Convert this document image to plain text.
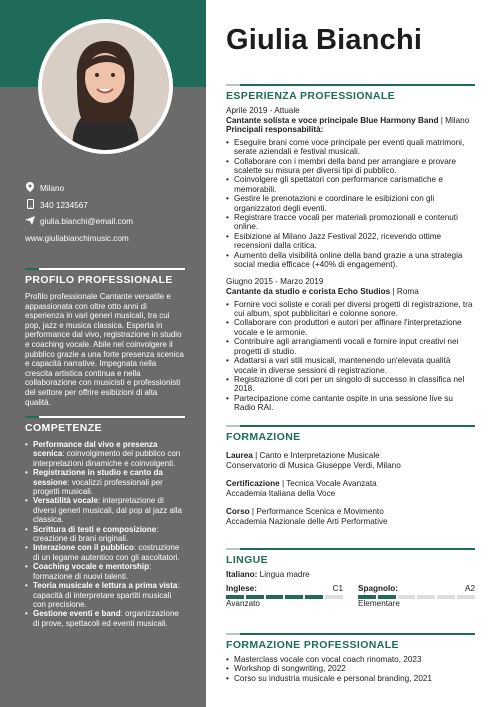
Milano
340 1234567
giulia.bianchi@email.com
www.giuliabianchimusic.com
PROFILO PROFESSIONALE
Profilo professionale Cantante versatile e appassionata con oltre otto anni di esperienza in vari generi musicali, tra cui pop, jazz e musica classica. Esperta in performance dal vivo, registrazione in studio e coaching vocale. Abile nel coinvolgere il pubblico grazie a una forte presenza scenica e capacità narrative. Impegnata nella crescita artistica continua e nella collaborazione con musicisti e professionisti del settore per offrire esibizioni di alta qualità.
COMPETENZE
• Performance dal vivo e presenza scenica: coinvolgimento del pubblico con interpretazioni dinamiche e coinvolgenti.
• Registrazione in studio e canto da sessione: vocalizzi professionali per progetti musicali.
• Versatilità vocale: interpretazione di diversi generi musicali, dal pop al jazz alla classica.
• Scrittura di testi e composizione: creazione di brani originali.
• Interazione con il pubblico: costruzione di un legame autentico con gli ascoltatori.
• Coaching vocale e mentorship: formazione di nuovi talenti.
• Teoria musicale e lettura a prima vista: capacità di interpretare spartiti musicali con precisione.
• Gestione eventi e band: organizzazione di prove, spettacoli ed eventi musicali.
Giulia Bianchi
ESPERIENZA PROFESSIONALE
Aprile 2019 - Attuale
Cantante solista e voce principale Blue Harmony Band | Milano
Principali responsabilità:
• Eseguire brani come voce principale per eventi quali matrimoni, serate aziendali e festival musicali.
• Collaborare con i membri della band per arrangiare e provare scalette su misura per diversi tipi di pubblico.
• Coinvolgere gli spettatori con performance carismatiche e memorabili.
• Gestire le prenotazioni e coordinare le esibizioni con gli organizzatori degli eventi.
• Registrare tracce vocali per materiali promozionali e contenuti online.
• Esibizione al Milano Jazz Festival 2022, ricevendo ottime recensioni dalla critica.
• Aumento della visibilità online della band grazie a una strategia social media efficace (+40% di engagement).
Giugno 2015 - Marzo 2019
Cantante da studio e corista Echo Studios | Roma
• Fornire voci soliste e corali per diversi progetti di registrazione, tra cui album, spot pubblicitari e colonne sonore.
• Collaborare con produttori e autori per affinare l'interpretazione vocale e le armonie.
• Contribuire agli arrangiamenti vocali e fornire input creativi nei progetti di studio.
• Adattarsi a vari stili musicali, mantenendo un'elevata qualità vocale in diverse sessioni di registrazione.
• Registrazione di cori per un singolo di successo in classifica nel 2018.
• Partecipazione come cantante ospite in una sessione live su Radio RAI.
FORMAZIONE
Laurea | Canto e Interpretazione Musicale
Conservatorio di Musica Giuseppe Verdi, Milano
Certificazione | Tecnica Vocale Avanzata
Accademia Italiana della Voce
Corso | Performance Scenica e Movimento
Accademia Nazionale delle Arti Performative
LINGUE
Italiano: Lingua madre
Inglese:	C1
Avanzato
Spagnolo:	A2
Elementare
FORMAZIONE PROFESSIONALE
• Masterclass vocale con vocal coach rinomato, 2023
• Workshop di songwriting, 2022
• Corso su industria musicale e personal branding, 2021
